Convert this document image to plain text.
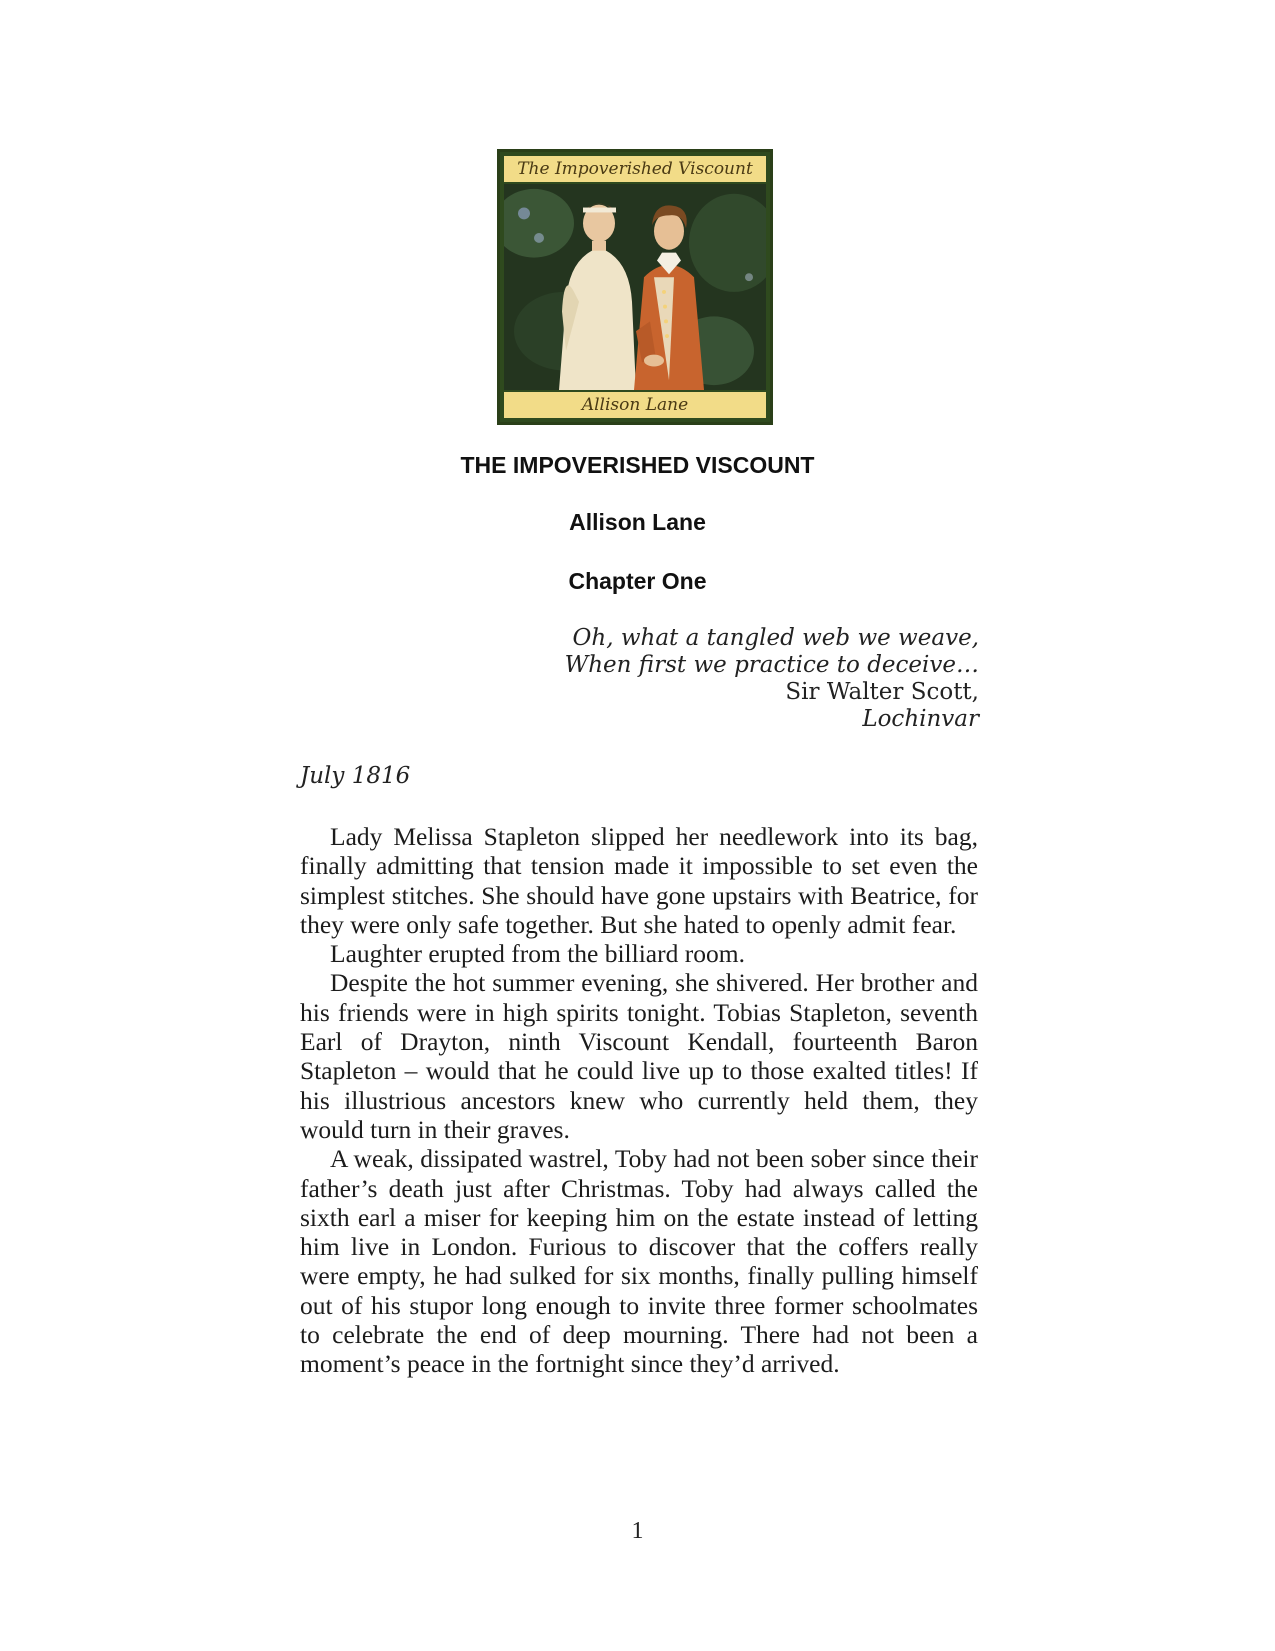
The Impoverished Viscount
Allison Lane
THE IMPOVERISHED VISCOUNT
Allison Lane
Chapter One
Oh, what a tangled web we weave,
When first we practice to deceive…
Sir Walter Scott,
Lochinvar
July 1816

Lady Melissa Stapleton slipped her needlework into its bag, finally admitting that tension made it impossible to set even the simplest stitches. She should have gone upstairs with Beatrice, for they were only safe together. But she hated to openly admit fear.

Laughter erupted from the billiard room.

Despite the hot summer evening, she shivered. Her brother and his friends were in high spirits tonight. Tobias Stapleton, seventh Earl of Drayton, ninth Viscount Kendall, fourteenth Baron Stapleton – would that he could live up to those exalted titles! If his illustrious ancestors knew who currently held them, they would turn in their graves.

A weak, dissipated wastrel, Toby had not been sober since their father’s death just after Christmas. Toby had always called the sixth earl a miser for keeping him on the estate instead of letting him live in London. Furious to discover that the coffers really were empty, he had sulked for six months, finally pulling himself out of his stupor long enough to invite three former schoolmates to celebrate the end of deep mourning. There had not been a moment’s peace in the fortnight since they’d arrived.

1
